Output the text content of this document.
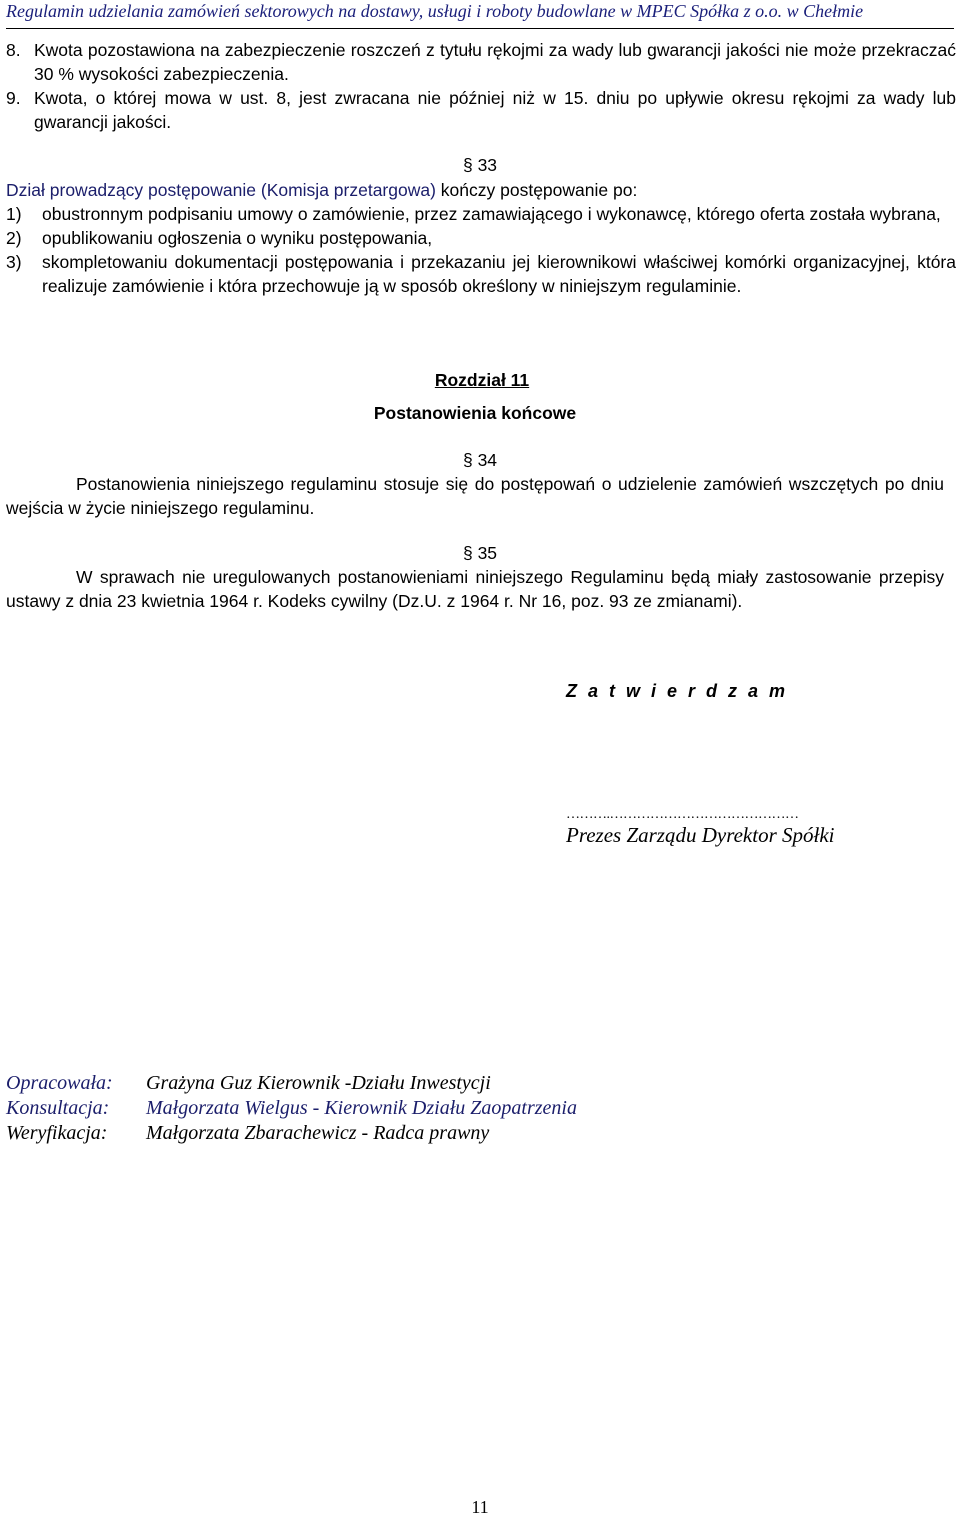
Regulamin udzielania zamówień sektorowych na dostawy, usługi i roboty budowlane w MPEC Spółka z o.o. w Chełmie
8. Kwota pozostawiona na zabezpieczenie roszczeń z tytułu rękojmi za wady lub gwarancji jakości nie może przekraczać 30 % wysokości zabezpieczenia.
9. Kwota, o której mowa w ust. 8, jest zwracana nie później niż w 15. dniu po upływie okresu rękojmi za wady lub gwarancji jakości.
§ 33
Dział prowadzący postępowanie (Komisja przetargowa) kończy postępowanie po:
1)	obustronnym podpisaniu umowy o zamówienie, przez zamawiającego i wykonawcę, którego oferta została wybrana,
2)	opublikowaniu ogłoszenia o wyniku postępowania,
3)	skompletowaniu dokumentacji postępowania i przekazaniu jej kierownikowi właściwej komórki organizacyjnej, która realizuje zamówienie i która przechowuje ją w sposób określony w niniejszym regulaminie.
Rozdział 11
Postanowienia końcowe
§ 34
Postanowienia niniejszego regulaminu stosuje się do postępowań o udzielenie zamówień wszczętych po dniu wejścia w życie niniejszego regulaminu.
§ 35
W sprawach nie uregulowanych postanowieniami niniejszego Regulaminu będą miały zastosowanie przepisy ustawy z dnia 23 kwietnia 1964 r. Kodeks cywilny (Dz.U. z 1964 r. Nr 16, poz. 93 ze zmianami).
Z a t w i e r d z a m
……….……………………………………
Prezes Zarządu Dyrektor Spółki
Opracowała:	Grażyna Guz Kierownik -Działu Inwestycji
Konsultacja:	Małgorzata Wielgus - Kierownik Działu Zaopatrzenia
Weryfikacja:	Małgorzata Zbarachewicz - Radca prawny
11
